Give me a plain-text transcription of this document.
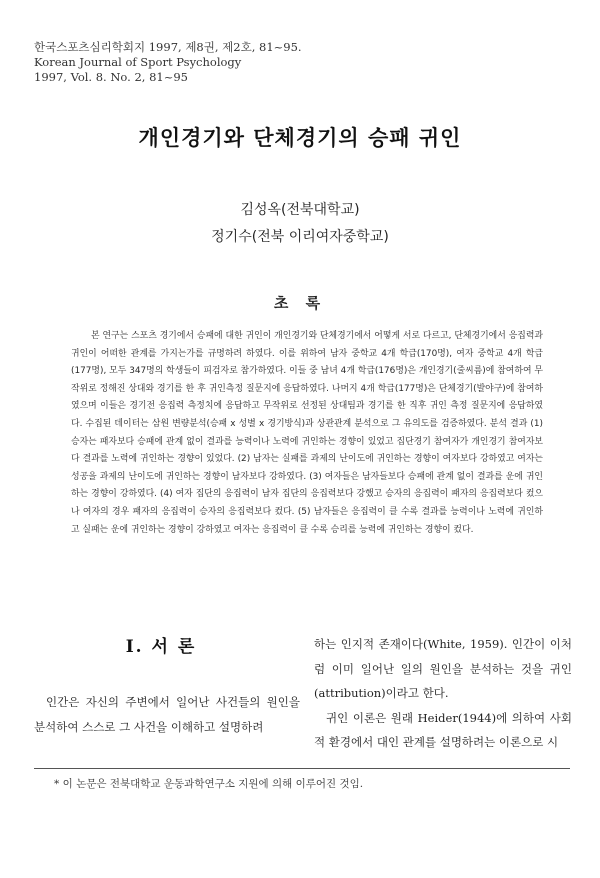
한국스포츠심리학회지 1997, 제8권, 제2호, 81~95.
Korean Journal of Sport Psychology
1997, Vol. 8. No. 2, 81~95
개인경기와 단체경기의 승패 귀인
김성옥(전북대학교)
정기수(전북 이리여자중학교)
초 록
본 연구는 스포츠 경기에서 승패에 대한 귀인이 개인경기와 단체경기에서 어떻게 서로 다르고, 단체경기에서 응집력과 귀인이 어떠한 관계를 가지는가를 규명하려 하였다. 이를 위하여 남자 중학교 4개 학급(170명), 여자 중학교 4개 학급(177명), 모두 347명의 학생들이 피검자로 참가하였다. 이들 중 남녀 4개 학급(176명)은 개인경기(줄씨름)에 참여하여 무작위로 정해진 상대와 경기를 한 후 귀인측정 질문지에 응답하였다. 나머지 4개 학급(177명)은 단체경기(발야구)에 참여하였으며 이들은 경기전 응집력 측정치에 응답하고 무작위로 선정된 상대팀과 경기를 한 직후 귀인 측정 질문지에 응답하였다. 수집된 데이터는 삼원 변량분석(승패 x 성별 x 경기방식)과 상관관계 분석으로 그 유의도를 검증하였다. 분석 결과 (1) 승자는 패자보다 승패에 관계 없이 결과를 능력이나 노력에 귀인하는 경향이 있었고 집단경기 참여자가 개인경기 참여자보다 결과를 노력에 귀인하는 경향이 있었다. (2) 남자는 실패를 과제의 난이도에 귀인하는 경향이 여자보다 강하였고 여자는 성공을 과제의 난이도에 귀인하는 경향이 남자보다 강하였다. (3) 여자들은 남자들보다 승패에 관계 없이 결과를 운에 귀인하는 경향이 강하였다. (4) 여자 집단의 응집력이 남자 집단의 응집력보다 강했고 승자의 응집력이 패자의 응집력보다 컸으나 여자의 경우 패자의 응집력이 승자의 응집력보다 컸다. (5) 남자들은 응집력이 클 수록 결과를 능력이나 노력에 귀인하고 실패는 운에 귀인하는 경향이 강하였고 여자는 응집력이 클 수록 승리를 능력에 귀인하는 경향이 컸다.
Ⅰ. 서 론
인간은 자신의 주변에서 일어난 사건들의 원인을 분석하여 스스로 그 사건을 이해하고 설명하려

하는 인지적 존재이다(White, 1959). 인간이 이처럼 이미 일어난 일의 원인을 분석하는 것을 귀인(attribution)이라고 한다.

귀인 이론은 원래 Heider(1944)에 의하여 사회적 환경에서 대인 관계를 설명하려는 이론으로 시

* 이 논문은 전북대학교 운동과학연구소 지원에 의해 이루어진 것임.
